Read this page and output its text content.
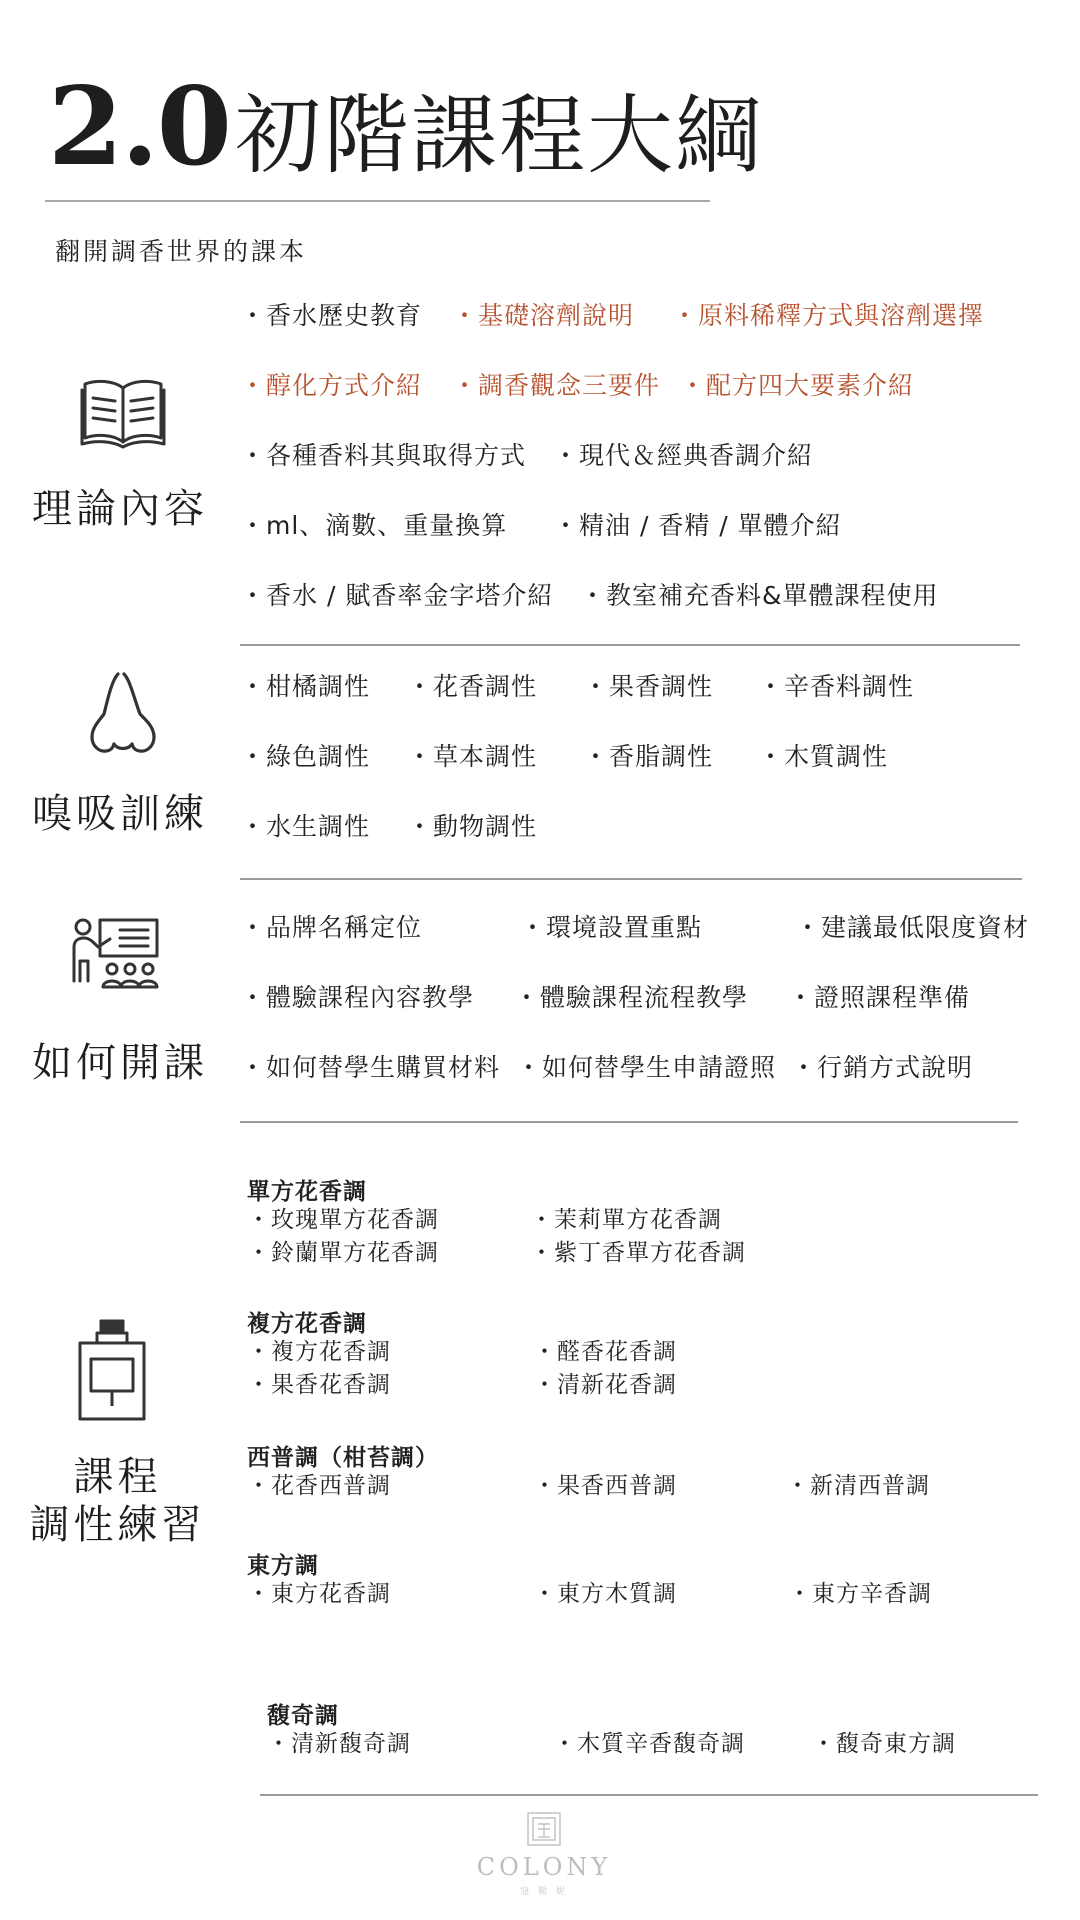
2.0 初階課程大綱
翻開調香世界的課本
理論內容
・香水歷史教育 ・基礎溶劑說明 ・原料稀釋方式與溶劑選擇
・醇化方式介紹 ・調香觀念三要件 ・配方四大要素介紹
・各種香料其與取得方式 ・現代＆經典香調介紹
・ml、滴數、重量換算 ・精油 / 香精 / 單體介紹
・香水 / 賦香率金字塔介紹 ・教室補充香料&單體課程使用
嗅吸訓練
・柑橘調性 ・花香調性 ・果香調性 ・辛香料調性
・綠色調性 ・草本調性 ・香脂調性 ・木質調性
・水生調性 ・動物調性
如何開課
・品牌名稱定位	・環境設置重點	・建議最低限度資材
・體驗課程內容教學 ・體驗課程流程教學 ・證照課程準備
・如何替學生購買材料 ・如何替學生申請證照 ・行銷方式說明
課程
調性練習
單方花香調
・玫瑰單方花香調	・茉莉單方花香調
・鈴蘭單方花香調	・紫丁香單方花香調
複方花香調
・複方花香調	・醛香花香調
・果香花香調	・清新花香調
西普調（柑苔調）
・花香西普調	・果香西普調	・新清西普調
東方調
・東方花香調	・東方木質調	・東方辛香調
馥奇調
・清新馥奇調	・木質辛香馥奇調	・馥奇東方調
COLONY
寇 勒 妮
